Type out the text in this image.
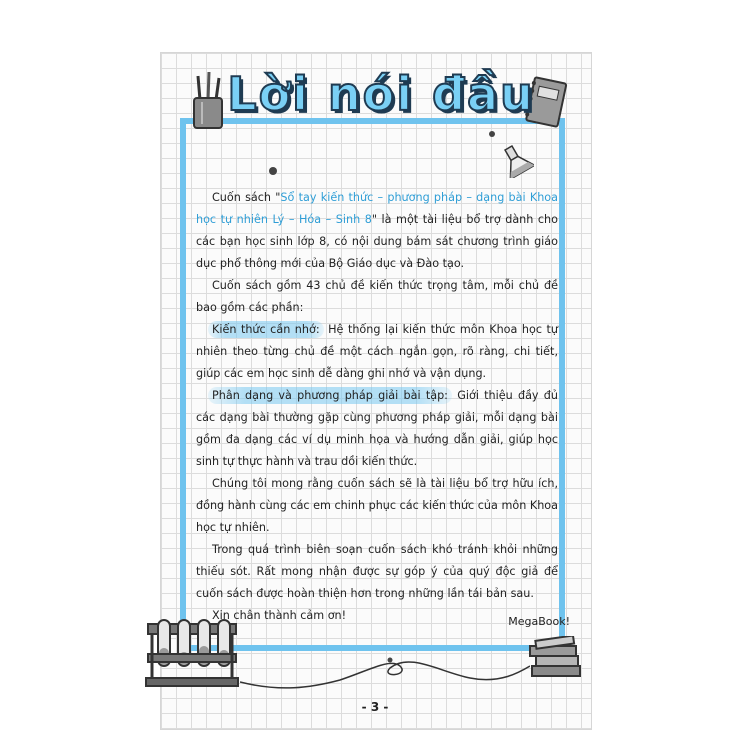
Lời nói đầu

Cuốn sách "Sổ tay kiến thức – phương pháp – dạng bài Khoa học tự nhiên Lý – Hóa – Sinh 8" là một tài liệu bổ trợ dành cho các bạn học sinh lớp 8, có nội dung bám sát chương trình giáo dục phổ thông mới của Bộ Giáo dục và Đào tạo.

Cuốn sách gồm 43 chủ đề kiến thức trọng tâm, mỗi chủ đề bao gồm các phần:

Kiến thức cần nhớ: Hệ thống lại kiến thức môn Khoa học tự nhiên theo từng chủ đề một cách ngắn gọn, rõ ràng, chi tiết, giúp các em học sinh dễ dàng ghi nhớ và vận dụng.

Phân dạng và phương pháp giải bài tập: Giới thiệu đầy đủ các dạng bài thường gặp cùng phương pháp giải, mỗi dạng bài gồm đa dạng các ví dụ minh họa và hướng dẫn giải, giúp học sinh tự thực hành và trau dồi kiến thức.

Chúng tôi mong rằng cuốn sách sẽ là tài liệu bổ trợ hữu ích, đồng hành cùng các em chinh phục các kiến thức của môn Khoa học tự nhiên.

Trong quá trình biên soạn cuốn sách khó tránh khỏi những thiếu sót. Rất mong nhận được sự góp ý của quý độc giả để cuốn sách được hoàn thiện hơn trong những lần tái bản sau.

Xin chân thành cảm ơn!	MegaBook!
- 3 -
